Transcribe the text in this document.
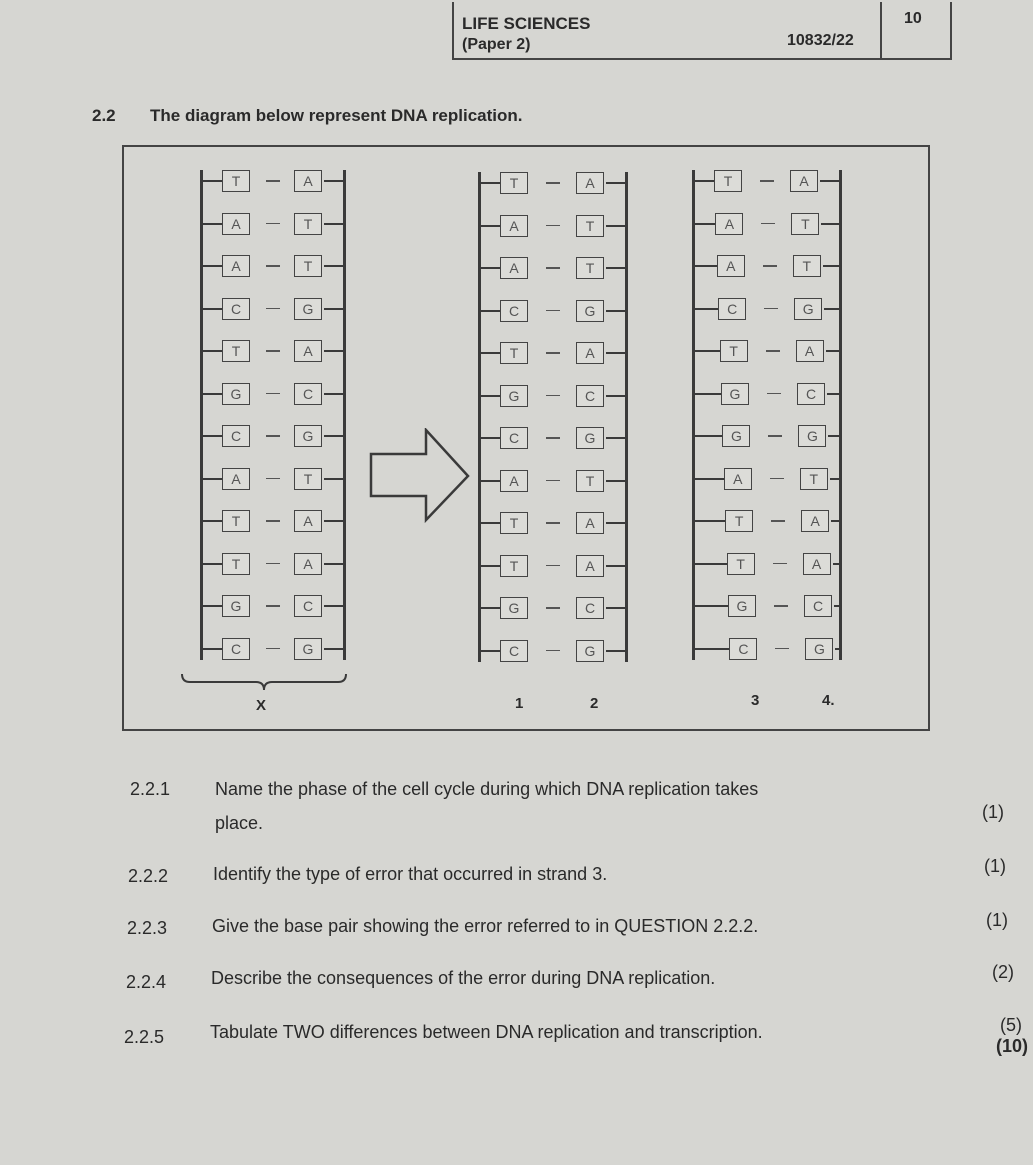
LIFE SCIENCES
(Paper 2)	10832/22
10
2.2 The diagram below represent DNA replication.
T	A
A	T
A	T
C	G
T	A
G	C
C	G
A	T
T	A
T	A
G	C
C	G
T	A
A	T
A	T
C	G
T	A
G	C
C	G
A	T
T	A
T	A
G	C
C	G
T	A
A	T
A	T
C	G
T	A
G	C
G	G
A	T
T	A
T	A
G	C
C	G
X	1	2	3	4.
2.2.1 Name the phase of the cell cycle during which DNA replication takes
place.
(1)
2.2.2 Identify the type of error that occurred in strand 3.	(1)
2.2.3 Give the base pair showing the error referred to in QUESTION 2.2.2.	(1)
2.2.4 Describe the consequences of the error during DNA replication.	(2)
2.2.5	Tabulate TWO differences between DNA replication and transcription.	(5)
(10)
